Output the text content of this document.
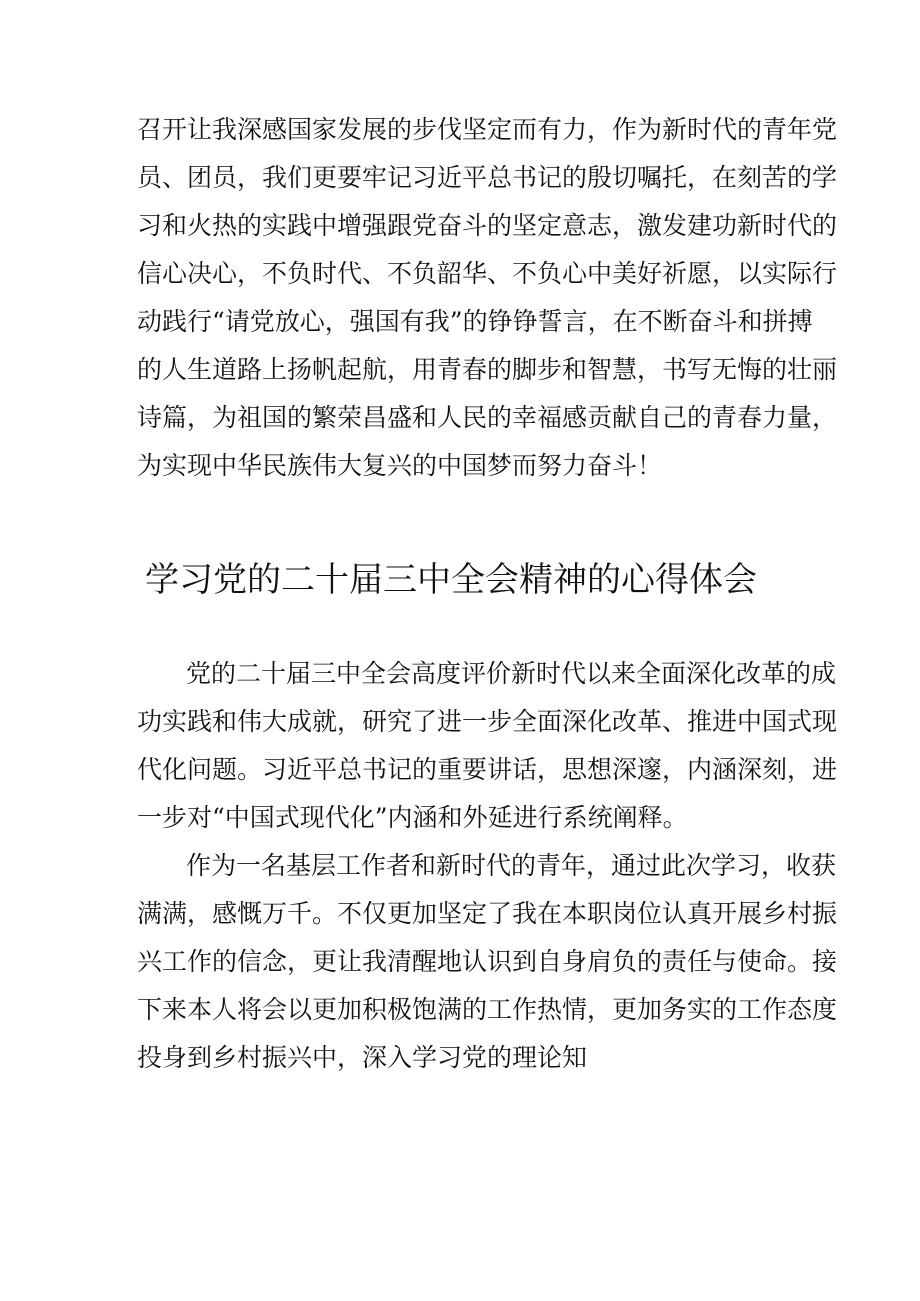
召开让我深感国家发展的步伐坚定而有力，作为新时代的青年党

员、团员，我们更要牢记习近平总书记的殷切嘱托，在刻苦的学

习和火热的实践中增强跟党奋斗的坚定意志，激发建功新时代的

信心决心，不负时代、不负韶华、不负心中美好祈愿，以实际行

动践行“请党放心，强国有我”的铮铮誓言，在不断奋斗和拼搏

的人生道路上扬帆起航，用青春的脚步和智慧，书写无悔的壮丽

诗篇，为祖国的繁荣昌盛和人民的幸福感贡献自己的青春力量，

为实现中华民族伟大复兴的中国梦而努力奋斗！

学习党的二十届三中全会精神的心得体会

党的二十届三中全会高度评价新时代以来全面深化改革的成

功实践和伟大成就，研究了进一步全面深化改革、推进中国式现

代化问题。习近平总书记的重要讲话，思想深邃，内涵深刻，进

一步对“中国式现代化”内涵和外延进行系统阐释。

作为一名基层工作者和新时代的青年，通过此次学习，收获

满满，感慨万千。不仅更加坚定了我在本职岗位认真开展乡村振

兴工作的信念，更让我清醒地认识到自身肩负的责任与使命。接

下来本人将会以更加积极饱满的工作热情，更加务实的工作态度

投身到乡村振兴中，深入学习党的理论知
